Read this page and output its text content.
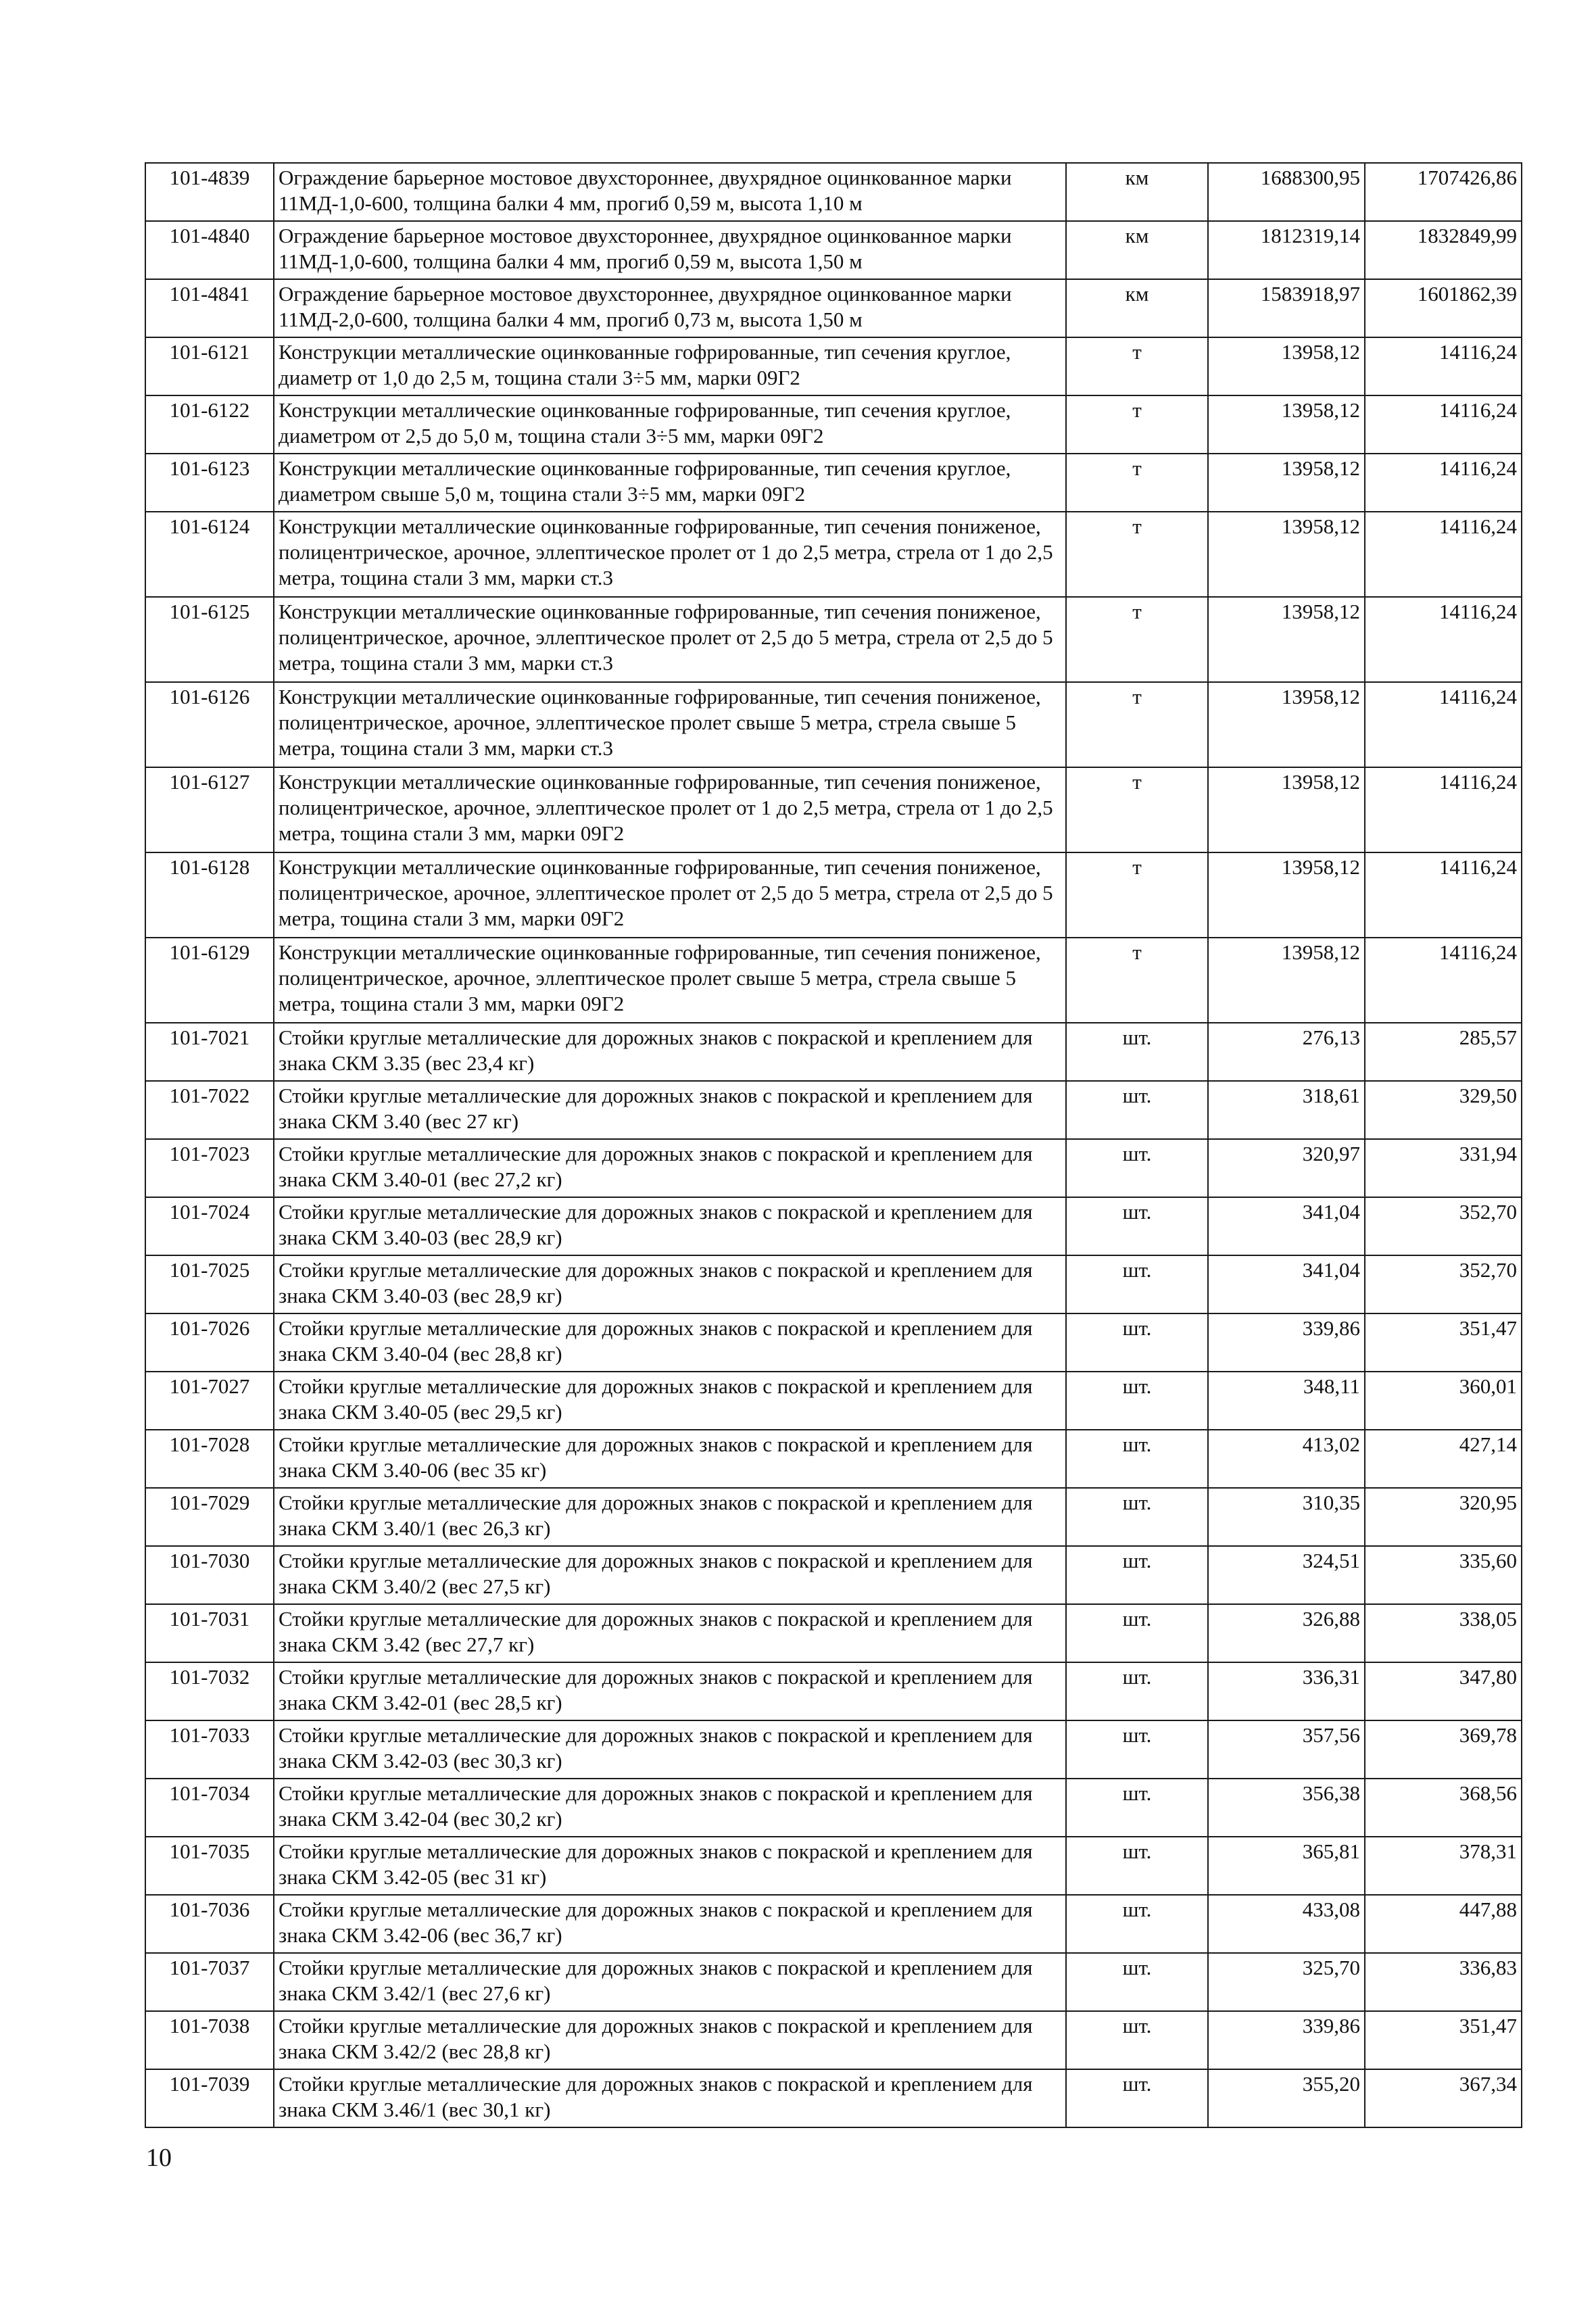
101-4839	Ограждение барьерное мостовое двухстороннее, двухрядное оцинкованное марки 11МД-1,0-600, толщина балки 4 мм, прогиб 0,59 м, высота 1,10 м	км	1688300,95	1707426,86
101-4840	Ограждение барьерное мостовое двухстороннее, двухрядное оцинкованное марки 11МД-1,0-600, толщина балки 4 мм, прогиб 0,59 м, высота 1,50 м	км	1812319,14	1832849,99
101-4841	Ограждение барьерное мостовое двухстороннее, двухрядное оцинкованное марки 11МД-2,0-600, толщина балки 4 мм, прогиб 0,73 м, высота 1,50 м	км	1583918,97	1601862,39
101-6121	Конструкции металлические оцинкованные гофрированные, тип сечения круглое, диаметр от 1,0 до 2,5 м, тощина стали 3÷5 мм, марки 09Г2	т	13958,12	14116,24
101-6122	Конструкции металлические оцинкованные гофрированные, тип сечения круглое, диаметром от 2,5 до 5,0 м, тощина стали 3÷5 мм, марки 09Г2	т	13958,12	14116,24
101-6123	Конструкции металлические оцинкованные гофрированные, тип сечения круглое, диаметром свыше 5,0 м, тощина стали 3÷5 мм, марки 09Г2	т	13958,12	14116,24
101-6124	Конструкции металлические оцинкованные гофрированные, тип сечения пониженое, полицентрическое, арочное, эллептическое пролет от 1 до 2,5 метра, стрела от 1 до 2,5 метра, тощина стали 3 мм, марки ст.3	т	13958,12	14116,24
101-6125	Конструкции металлические оцинкованные гофрированные, тип сечения пониженое, полицентрическое, арочное, эллептическое пролет от 2,5 до 5 метра, стрела от 2,5 до 5 метра, тощина стали 3 мм, марки ст.3	т	13958,12	14116,24
101-6126	Конструкции металлические оцинкованные гофрированные, тип сечения пониженое, полицентрическое, арочное, эллептическое пролет свыше 5 метра, стрела свыше 5 метра, тощина стали 3 мм, марки ст.3	т	13958,12	14116,24
101-6127	Конструкции металлические оцинкованные гофрированные, тип сечения пониженое, полицентрическое, арочное, эллептическое пролет от 1 до 2,5 метра, стрела от 1 до 2,5 метра, тощина стали 3 мм, марки 09Г2	т	13958,12	14116,24
101-6128	Конструкции металлические оцинкованные гофрированные, тип сечения пониженое, полицентрическое, арочное, эллептическое пролет от 2,5 до 5 метра, стрела от 2,5 до 5 метра, тощина стали 3 мм, марки 09Г2	т	13958,12	14116,24
101-6129	Конструкции металлические оцинкованные гофрированные, тип сечения пониженое, полицентрическое, арочное, эллептическое пролет свыше 5 метра, стрела свыше 5 метра, тощина стали 3 мм, марки 09Г2	т	13958,12	14116,24
101-7021	Стойки круглые металлические для дорожных знаков с покраской и креплением для знака СКМ 3.35 (вес 23,4 кг)	шт.	276,13	285,57
101-7022	Стойки круглые металлические для дорожных знаков с покраской и креплением для знака СКМ 3.40 (вес 27 кг)	шт.	318,61	329,50
101-7023	Стойки круглые металлические для дорожных знаков с покраской и креплением для знака СКМ 3.40-01 (вес 27,2 кг)	шт.	320,97	331,94
101-7024	Стойки круглые металлические для дорожных знаков с покраской и креплением для знака СКМ 3.40-03 (вес 28,9 кг)	шт.	341,04	352,70
101-7025	Стойки круглые металлические для дорожных знаков с покраской и креплением для знака СКМ 3.40-03 (вес 28,9 кг)	шт.	341,04	352,70
101-7026	Стойки круглые металлические для дорожных знаков с покраской и креплением для знака СКМ 3.40-04 (вес 28,8 кг)	шт.	339,86	351,47
101-7027	Стойки круглые металлические для дорожных знаков с покраской и креплением для знака СКМ 3.40-05 (вес 29,5 кг)	шт.	348,11	360,01
101-7028	Стойки круглые металлические для дорожных знаков с покраской и креплением для знака СКМ 3.40-06 (вес 35 кг)	шт.	413,02	427,14
101-7029	Стойки круглые металлические для дорожных знаков с покраской и креплением для знака СКМ 3.40/1 (вес 26,3 кг)	шт.	310,35	320,95
101-7030	Стойки круглые металлические для дорожных знаков с покраской и креплением для знака СКМ 3.40/2 (вес 27,5 кг)	шт.	324,51	335,60
101-7031	Стойки круглые металлические для дорожных знаков с покраской и креплением для знака СКМ 3.42 (вес 27,7 кг)	шт.	326,88	338,05
101-7032	Стойки круглые металлические для дорожных знаков с покраской и креплением для знака СКМ 3.42-01 (вес 28,5 кг)	шт.	336,31	347,80
101-7033	Стойки круглые металлические для дорожных знаков с покраской и креплением для знака СКМ 3.42-03 (вес 30,3 кг)	шт.	357,56	369,78
101-7034	Стойки круглые металлические для дорожных знаков с покраской и креплением для знака СКМ 3.42-04 (вес 30,2 кг)	шт.	356,38	368,56
101-7035	Стойки круглые металлические для дорожных знаков с покраской и креплением для знака СКМ 3.42-05 (вес 31 кг)	шт.	365,81	378,31
101-7036	Стойки круглые металлические для дорожных знаков с покраской и креплением для знака СКМ 3.42-06 (вес 36,7 кг)	шт.	433,08	447,88
101-7037	Стойки круглые металлические для дорожных знаков с покраской и креплением для знака СКМ 3.42/1 (вес 27,6 кг)	шт.	325,70	336,83
101-7038	Стойки круглые металлические для дорожных знаков с покраской и креплением для знака СКМ 3.42/2 (вес 28,8 кг)	шт.	339,86	351,47
101-7039	Стойки круглые металлические для дорожных знаков с покраской и креплением для знака СКМ 3.46/1 (вес 30,1 кг)	шт.	355,20	367,34
10
